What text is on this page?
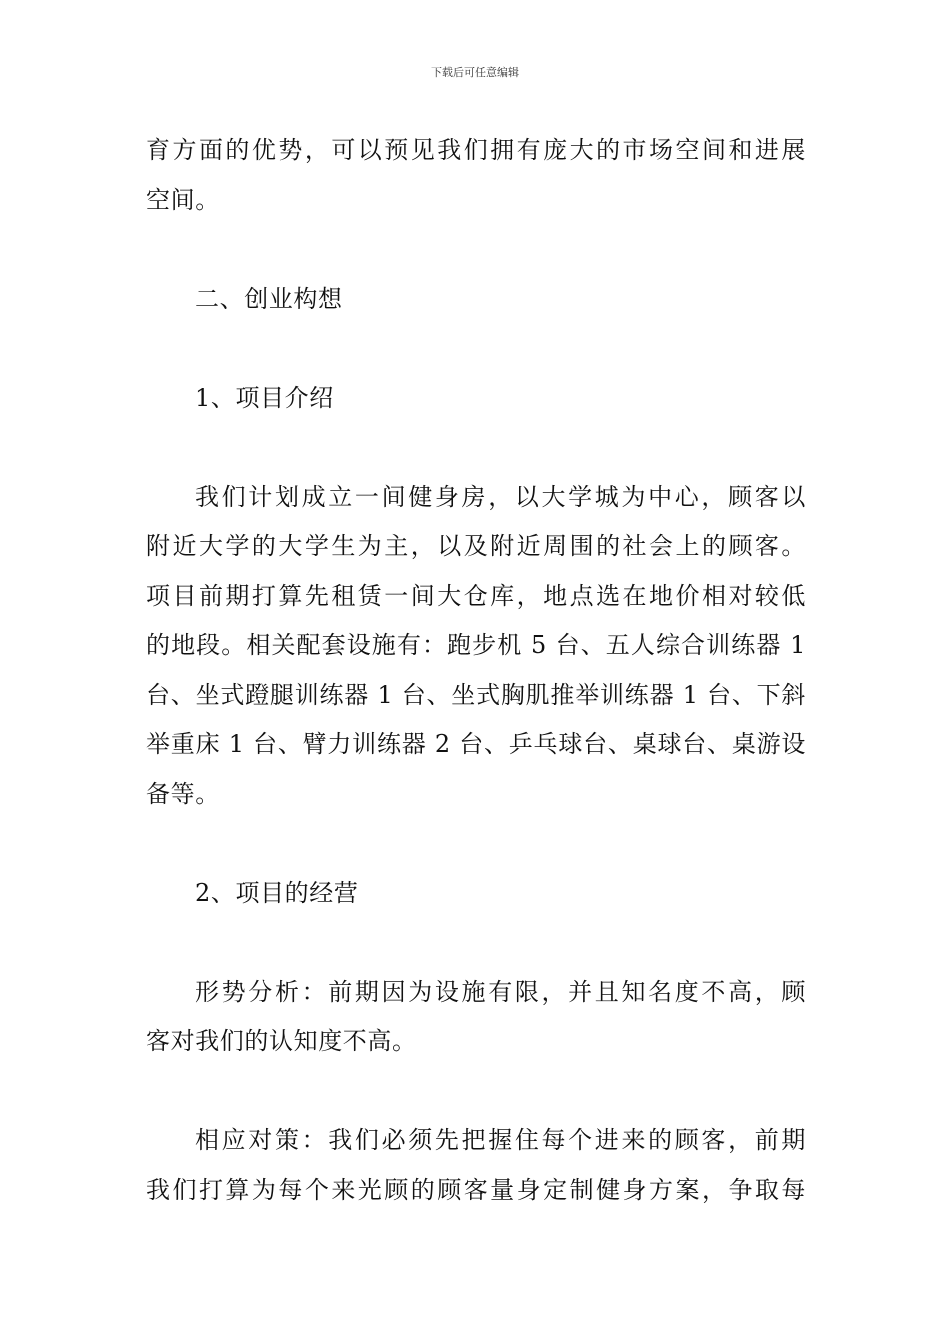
下载后可任意编辑
育方面的优势，可以预见我们拥有庞大的市场空间和进展
空间。
二、创业构想
1、项目介绍
我们计划成立一间健身房，以大学城为中心，顾客以
附近大学的大学生为主，以及附近周围的社会上的顾客。
项目前期打算先租赁一间大仓库，地点选在地价相对较低
的地段。相关配套设施有：跑步机 5 台、五人综合训练器 1
台、坐式蹬腿训练器 1 台、坐式胸肌推举训练器 1 台、下斜
举重床 1 台、臂力训练器 2 台、乒乓球台、桌球台、桌游设
备等。
2、项目的经营
形势分析：前期因为设施有限，并且知名度不高，顾
客对我们的认知度不高。
相应对策：我们必须先把握住每个进来的顾客，前期
我们打算为每个来光顾的顾客量身定制健身方案，争取每
